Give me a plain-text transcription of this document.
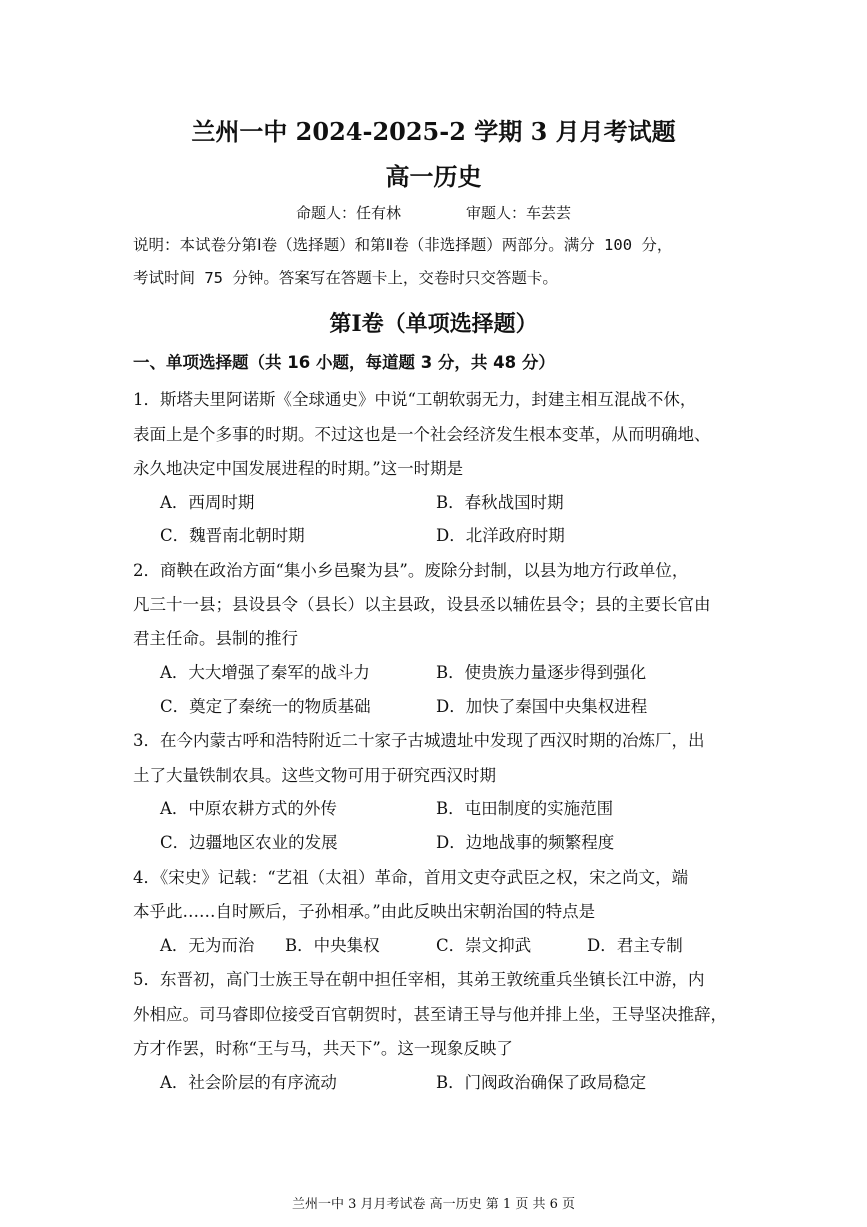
兰州一中 2024-2025-2 学期 3 月月考试题
高一历史
命题人：任有林	审题人：车芸芸
说明：本试卷分第Ⅰ卷（选择题）和第Ⅱ卷（非选择题）两部分。满分 100 分，
考试时间 75 分钟。答案写在答题卡上，交卷时只交答题卡。
第Ⅰ卷（单项选择题）
一、单项选择题（共 16 小题，每道题 3 分，共 48 分）
1．斯塔夫里阿诺斯《全球通史》中说“工朝软弱无力，封建主相互混战不休，
表面上是个多事的时期。不过这也是一个社会经济发生根本变革，从而明确地、
永久地决定中国发展进程的时期。”这一时期是
A．西周时期	B．春秋战国时期
C．魏晋南北朝时期	D．北洋政府时期
2．商鞅在政治方面“集小乡邑聚为县”。废除分封制，以县为地方行政单位，
凡三十一县；县设县令（县长）以主县政，设县丞以辅佐县令；县的主要长官由
君主任命。县制的推行
A．大大增强了秦军的战斗力	B．使贵族力量逐步得到强化
C．奠定了秦统一的物质基础	D．加快了秦国中央集权进程
3．在今内蒙古呼和浩特附近二十家子古城遗址中发现了西汉时期的冶炼厂，出
土了大量铁制农具。这些文物可用于研究西汉时期
A．中原农耕方式的外传	B．屯田制度的实施范围
C．边疆地区农业的发展	D．边地战事的频繁程度
4．《宋史》记载：“艺祖（太祖）革命，首用文吏夺武臣之权，宋之尚文，端
本乎此……自时厥后，子孙相承。”由此反映出宋朝治国的特点是
A．无为而治 B．中央集权	C．崇文抑武	D．君主专制
5．东晋初，高门士族王导在朝中担任宰相，其弟王敦统重兵坐镇长江中游，内
外相应。司马睿即位接受百官朝贺时，甚至请王导与他并排上坐，王导坚决推辞，
方才作罢，时称“王与马，共天下”。这一现象反映了
A．社会阶层的有序流动	B．门阀政治确保了政局稳定
兰州一中 3 月月考试卷 高一历史 第 1 页 共 6 页
